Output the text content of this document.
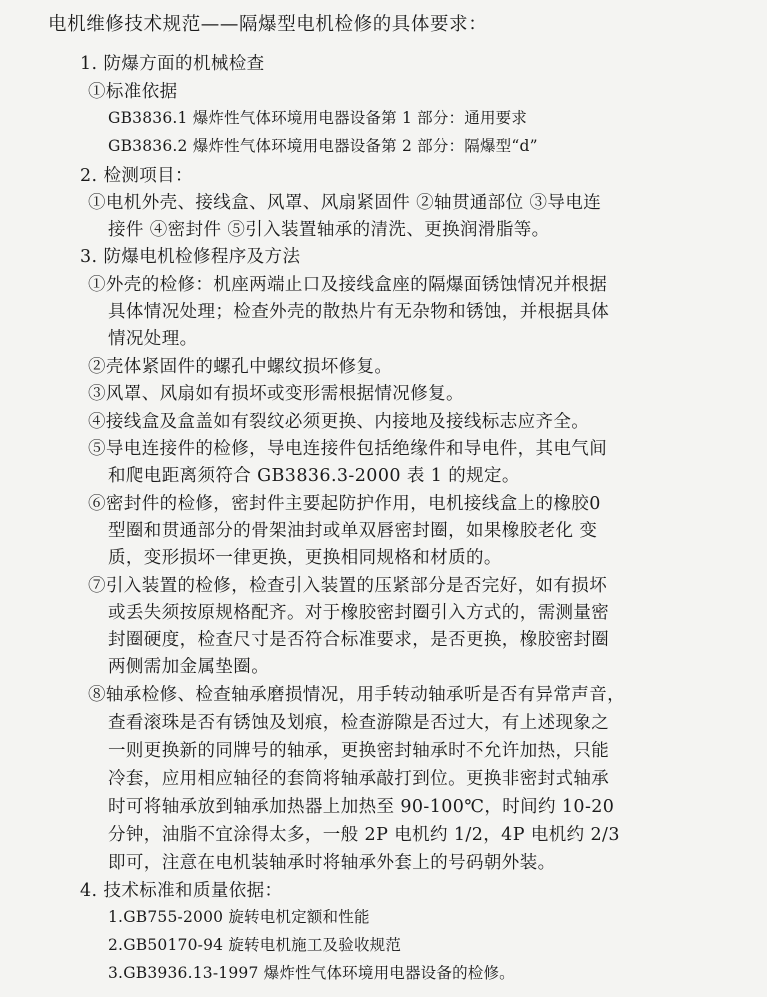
电机维修技术规范——隔爆型电机检修的具体要求：
1. 防爆方面的机械检查
①标准依据
GB3836.1 爆炸性气体环境用电器设备第 1 部分：通用要求
GB3836.2 爆炸性气体环境用电器设备第 2 部分：隔爆型“d”
2. 检测项目：
①电机外壳、接线盒、风罩、风扇紧固件 ②轴贯通部位 ③导电连
接件 ④密封件 ⑤引入装置轴承的清洗、更换润滑脂等。
3. 防爆电机检修程序及方法
①外壳的检修：机座两端止口及接线盒座的隔爆面锈蚀情况并根据
具体情况处理；检查外壳的散热片有无杂物和锈蚀，并根据具体
情况处理。
②壳体紧固件的螺孔中螺纹损坏修复。
③风罩、风扇如有损坏或变形需根据情况修复。
④接线盒及盒盖如有裂纹必须更换、内接地及接线标志应齐全。
⑤导电连接件的检修，导电连接件包括绝缘件和导电件，其电气间
和爬电距离须符合 GB3836.3-2000 表 1 的规定。
⑥密封件的检修，密封件主要起防护作用，电机接线盒上的橡胶0
型圈和贯通部分的骨架油封或单双唇密封圈，如果橡胶老化 变
质，变形损坏一律更换，更换相同规格和材质的。
⑦引入装置的检修，检查引入装置的压紧部分是否完好，如有损坏
或丢失须按原规格配齐。对于橡胶密封圈引入方式的，需测量密
封圈硬度，检查尺寸是否符合标准要求，是否更换，橡胶密封圈
两侧需加金属垫圈。
⑧轴承检修、检查轴承磨损情况，用手转动轴承听是否有异常声音，
查看滚珠是否有锈蚀及划痕，检查游隙是否过大，有上述现象之
一则更换新的同牌号的轴承，更换密封轴承时不允许加热，只能
冷套，应用相应轴径的套筒将轴承敲打到位。更换非密封式轴承
时可将轴承放到轴承加热器上加热至 90-100℃，时间约 10-20
分钟，油脂不宜涂得太多，一般 2P 电机约 1/2，4P 电机约 2/3
即可，注意在电机装轴承时将轴承外套上的号码朝外装。
4. 技术标准和质量依据：
1.GB755-2000 旋转电机定额和性能
2.GB50170-94 旋转电机施工及验收规范
3.GB3936.13-1997 爆炸性气体环境用电器设备的检修。
